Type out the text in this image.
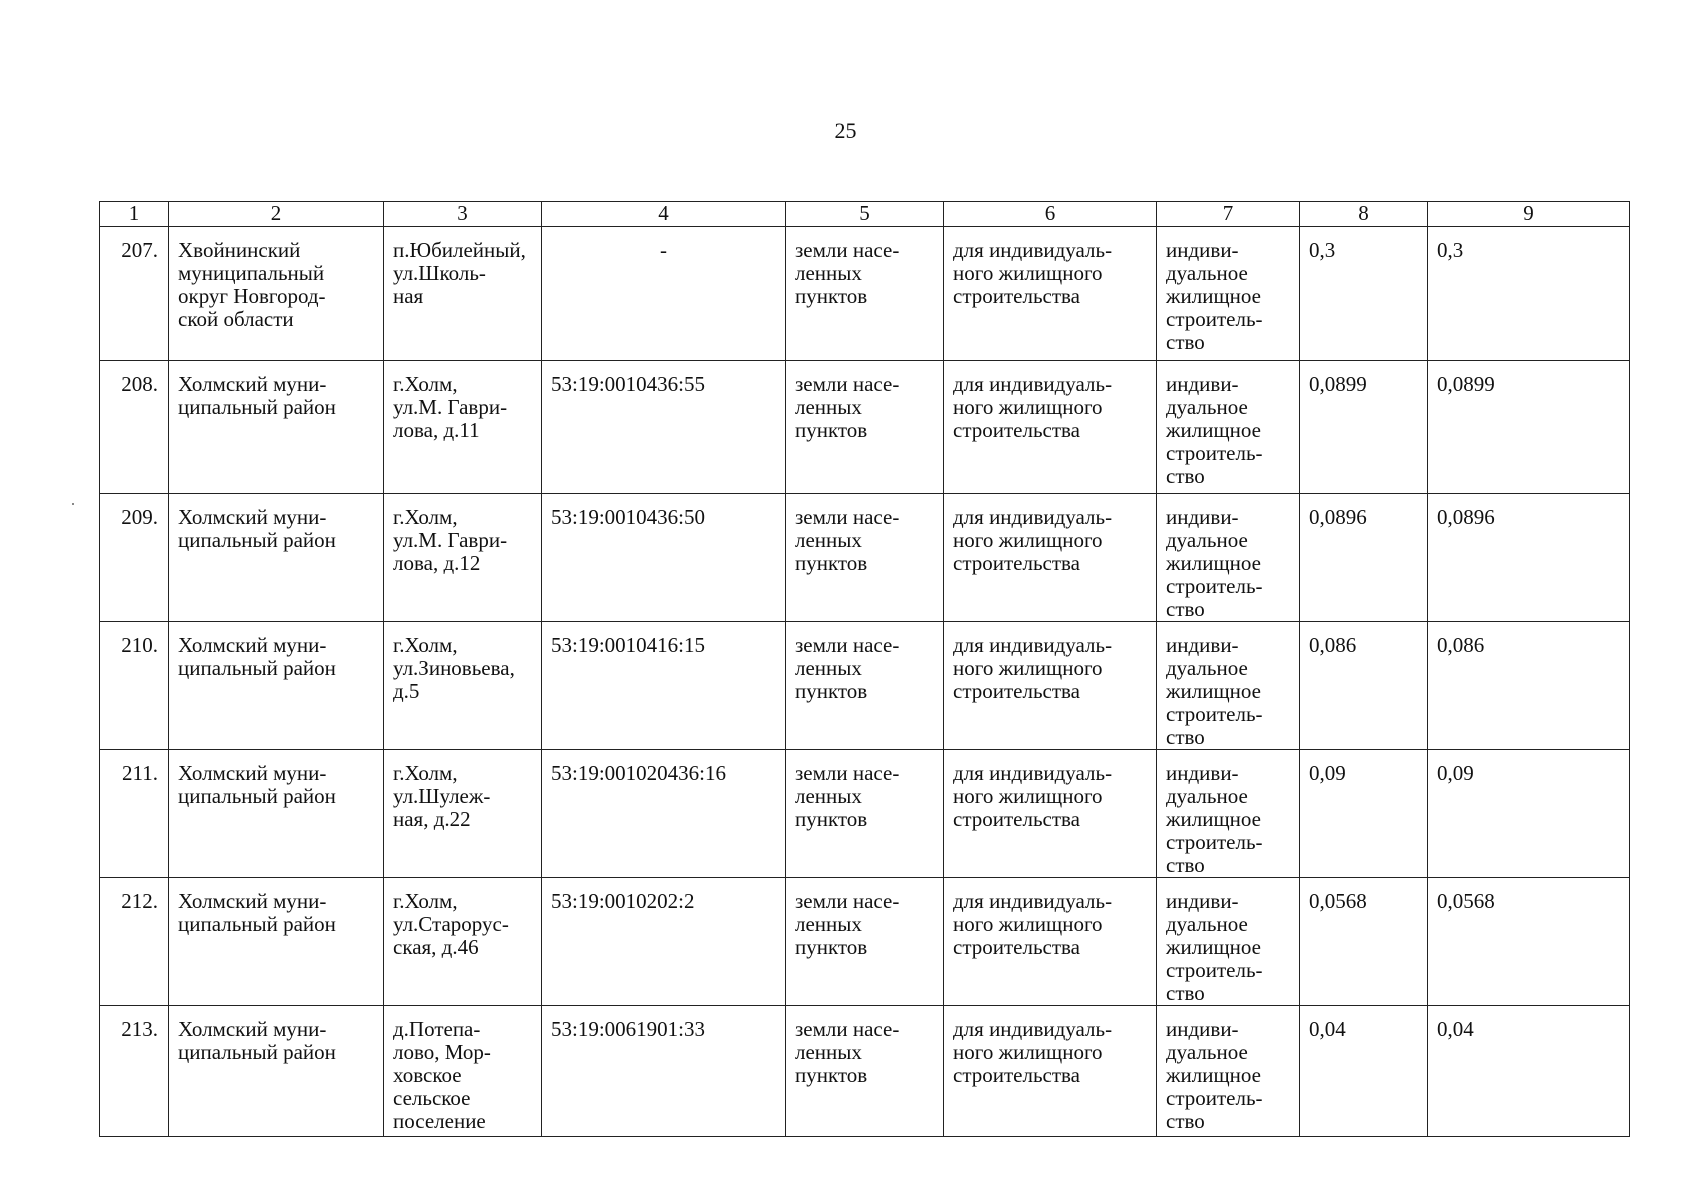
25
1	2	3	4	5	6	7	8	9
207.	Хвойнинский
муниципальный
округ Новгород-
ской области	п.Юбилейный,
ул.Школь-
ная	-	земли насе-
ленных
пунктов	для индивидуаль-
ного жилищного
строительства	индиви-
дуальное
жилищное
строитель-
ство	0,3	0,3
208.	Холмский муни-
ципальный район	г.Холм,
ул.М. Гаври-
лова, д.11	53:19:0010436:55	земли насе-
ленных
пунктов	для индивидуаль-
ного жилищного
строительства	индиви-
дуальное
жилищное
строитель-
ство	0,0899	0,0899
209.	Холмский муни-
ципальный район	г.Холм,
ул.М. Гаври-
лова, д.12	53:19:0010436:50	земли насе-
ленных
пунктов	для индивидуаль-
ного жилищного
строительства	индиви-
дуальное
жилищное
строитель-
ство	0,0896	0,0896
210.	Холмский муни-
ципальный район	г.Холм,
ул.Зиновьева,
д.5	53:19:0010416:15	земли насе-
ленных
пунктов	для индивидуаль-
ного жилищного
строительства	индиви-
дуальное
жилищное
строитель-
ство	0,086	0,086
211.	Холмский муни-
ципальный район	г.Холм,
ул.Шулеж-
ная, д.22	53:19:001020436:16	земли насе-
ленных
пунктов	для индивидуаль-
ного жилищного
строительства	индиви-
дуальное
жилищное
строитель-
ство	0,09	0,09
212.	Холмский муни-
ципальный район	г.Холм,
ул.Староруc-
ская, д.46	53:19:0010202:2	земли насе-
ленных
пунктов	для индивидуаль-
ного жилищного
строительства	индиви-
дуальное
жилищное
строитель-
ство	0,0568	0,0568
213.	Холмский муни-
ципальный район	д.Потепа-
лово, Мор-
ховское
сельское
поселение	53:19:0061901:33	земли насе-
ленных
пунктов	для индивидуаль-
ного жилищного
строительства	индиви-
дуальное
жилищное
строитель-
ство	0,04	0,04
